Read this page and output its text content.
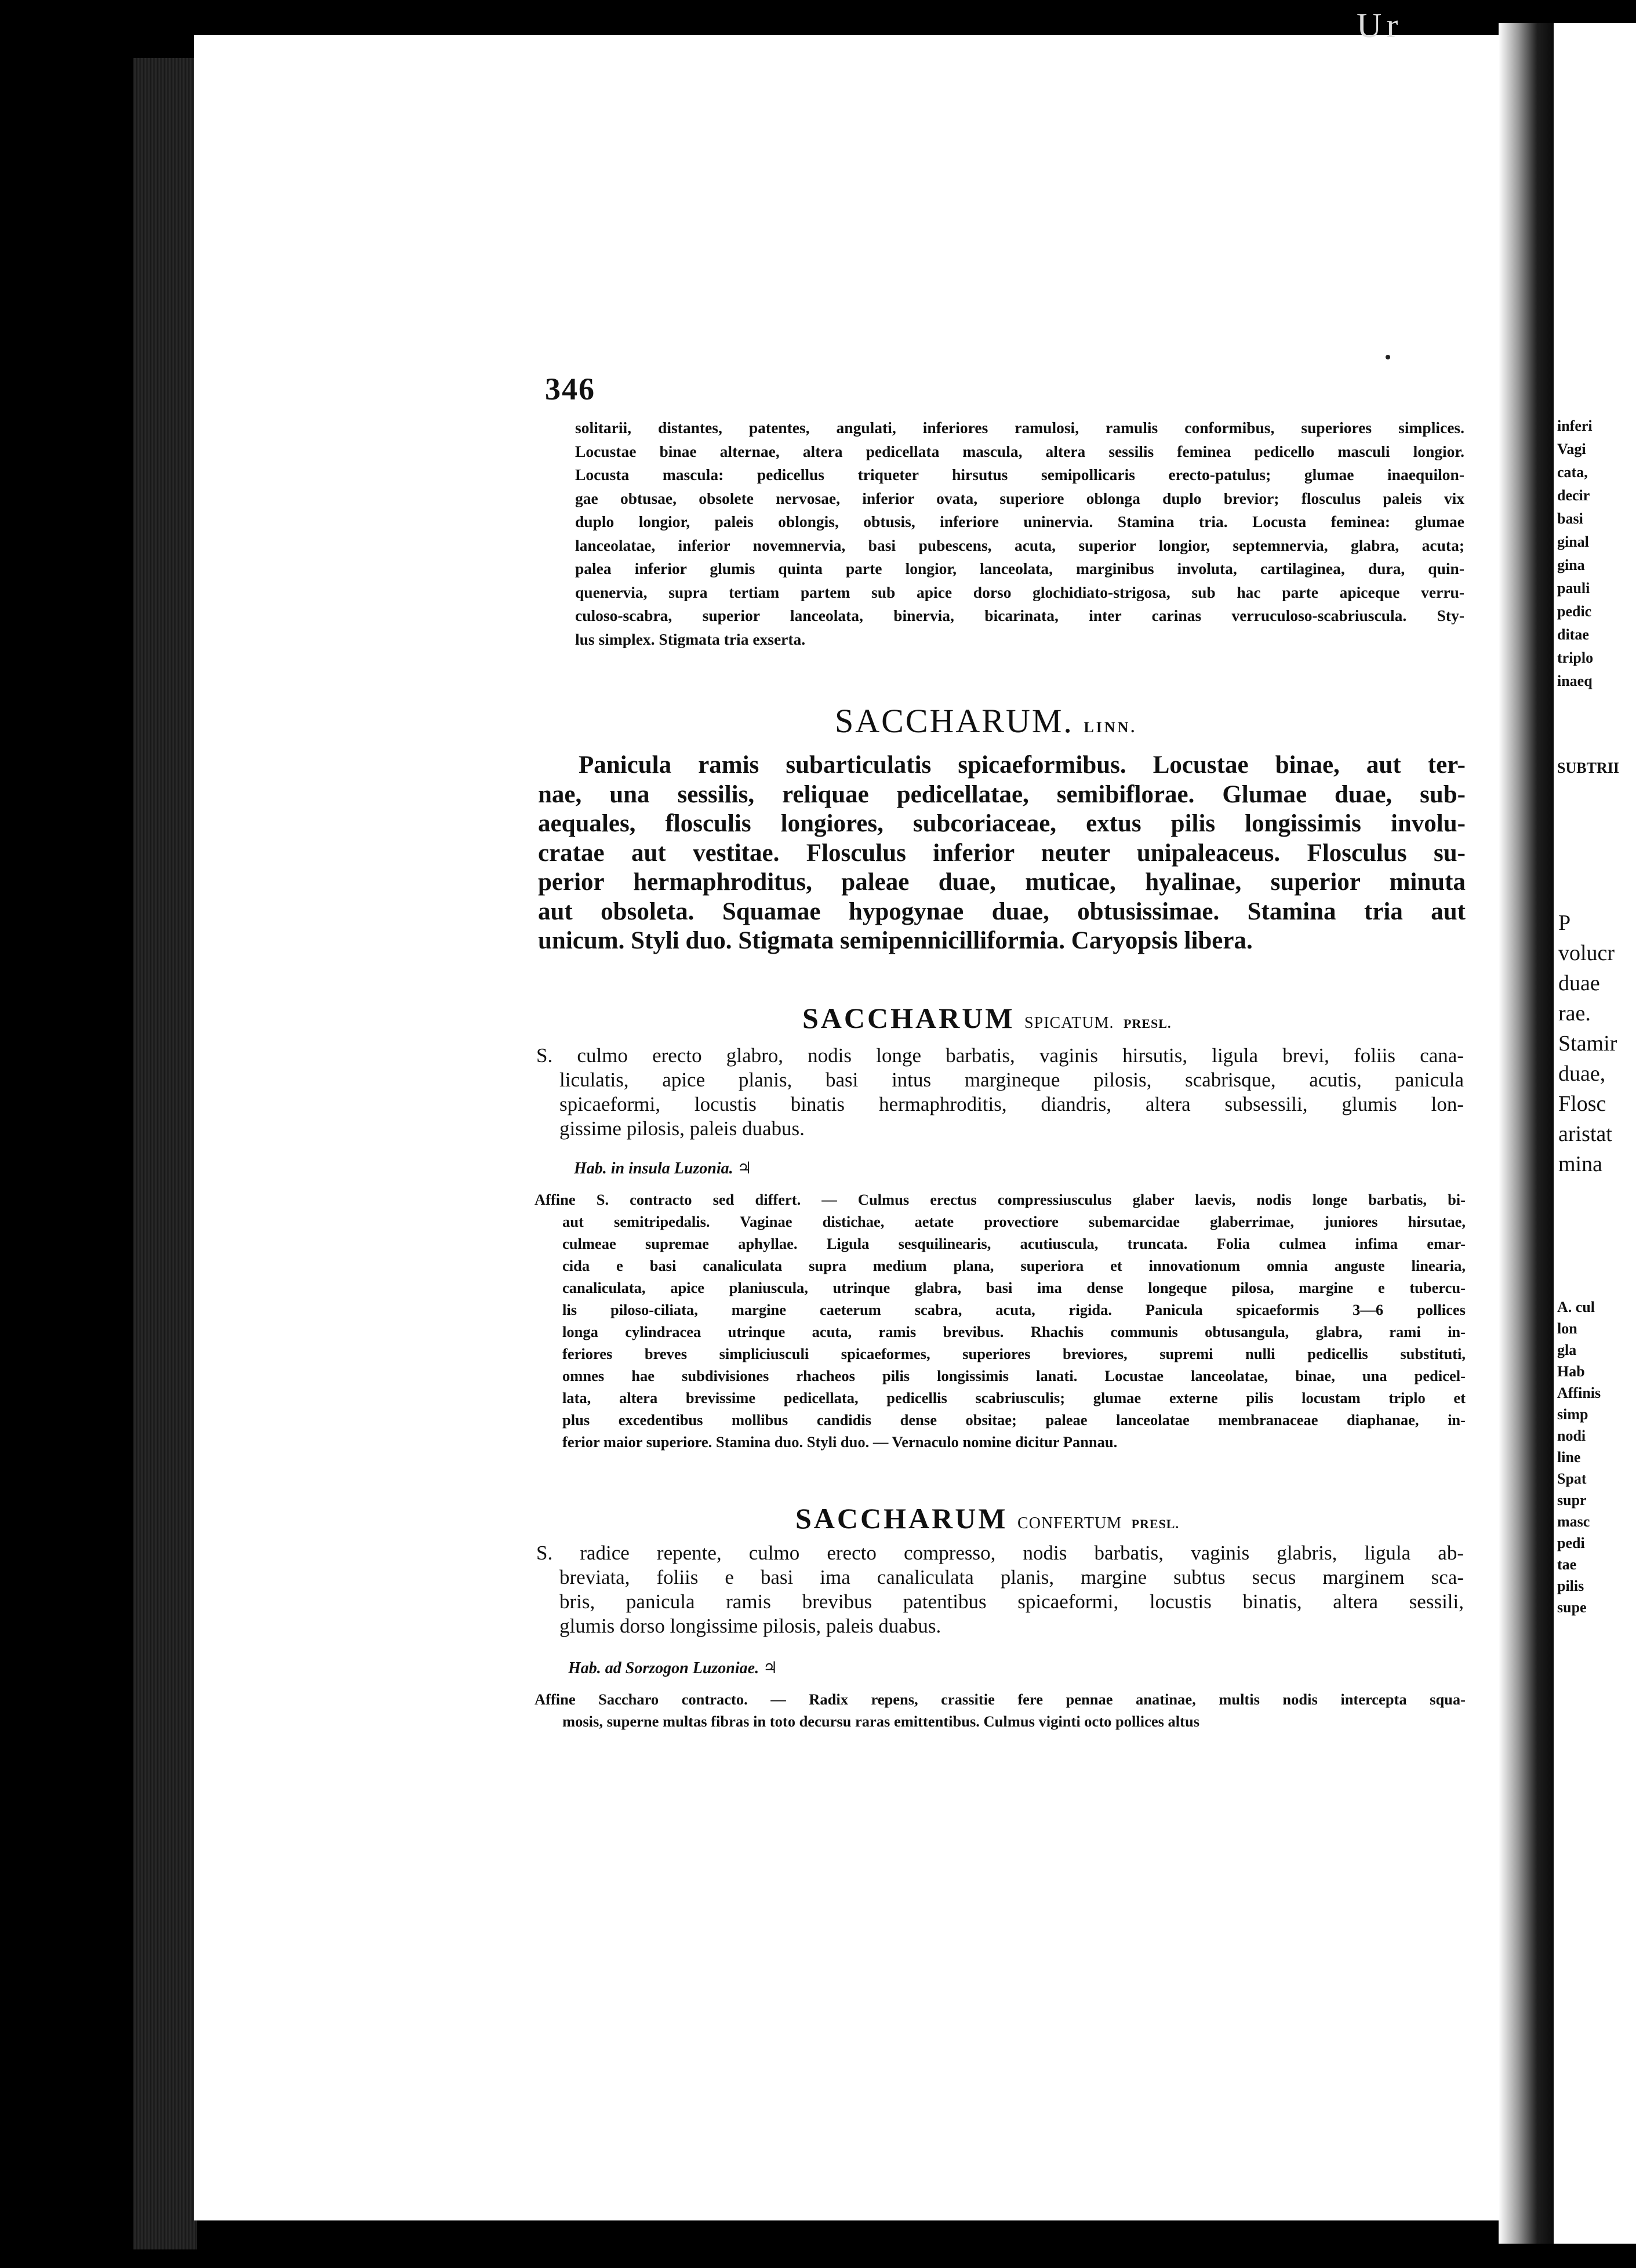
Ur
346
solitarii, distantes, patentes, angulati, inferiores ramulosi, ramulis conformibus, superiores simplices.
Locustae binae alternae, altera pedicellata mascula, altera sessilis feminea pedicello masculi longior.
Locusta mascula: pedicellus triqueter hirsutus semipollicaris erecto-patulus; glumae inaequilon-
gae obtusae, obsolete nervosae, inferior ovata, superiore oblonga duplo brevior; flosculus paleis vix
duplo longior, paleis oblongis, obtusis, inferiore uninervia. Stamina tria. Locusta feminea: glumae
lanceolatae, inferior novemnervia, basi pubescens, acuta, superior longior, septemnervia, glabra, acuta;
palea inferior glumis quinta parte longior, lanceolata, marginibus involuta, cartilaginea, dura, quin-
quenervia, supra tertiam partem sub apice dorso glochidiato-strigosa, sub hac parte apiceque verru-
culoso-scabra, superior lanceolata, binervia, bicarinata, inter carinas verruculoso-scabriuscula. Sty-
lus simplex. Stigmata tria exserta.
SACCHARUM. LINN.
Panicula ramis subarticulatis spicaeformibus. Locustae binae, aut ter-
nae, una sessilis, reliquae pedicellatae, semibiflorae. Glumae duae, sub-
aequales, flosculis longiores, subcoriaceae, extus pilis longissimis involu-
cratae aut vestitae. Flosculus inferior neuter unipaleaceus. Flosculus su-
perior hermaphroditus, paleae duae, muticae, hyalinae, superior minuta
aut obsoleta. Squamae hypogynae duae, obtusissimae. Stamina tria aut
unicum. Styli duo. Stigmata semipennicilliformia. Caryopsis libera.
SACCHARUM SPICATUM. PRESL.
S. culmo erecto glabro, nodis longe barbatis, vaginis hirsutis, ligula brevi, foliis cana-
liculatis, apice planis, basi intus margineque pilosis, scabrisque, acutis, panicula
spicaeformi, locustis binatis hermaphroditis, diandris, altera subsessili, glumis lon-
gissime pilosis, paleis duabus.
Hab. in insula Luzonia. ♃
Affine S. contracto sed differt. — Culmus erectus compressiusculus glaber laevis, nodis longe barbatis, bi-
aut semitripedalis. Vaginae distichae, aetate provectiore subemarcidae glaberrimae, juniores hirsutae,
culmeae supremae aphyllae. Ligula sesquilinearis, acutiuscula, truncata. Folia culmea infima emar-
cida e basi canaliculata supra medium plana, superiora et innovationum omnia anguste linearia,
canaliculata, apice planiuscula, utrinque glabra, basi ima dense longeque pilosa, margine e tubercu-
lis piloso-ciliata, margine caeterum scabra, acuta, rigida. Panicula spicaeformis 3—6 pollices
longa cylindracea utrinque acuta, ramis brevibus. Rhachis communis obtusangula, glabra, rami in-
feriores breves simpliciusculi spicaeformes, superiores breviores, supremi nulli pedicellis substituti,
omnes hae subdivisiones rhacheos pilis longissimis lanati. Locustae lanceolatae, binae, una pedicel-
lata, altera brevissime pedicellata, pedicellis scabriusculis; glumae externe pilis locustam triplo et
plus excedentibus mollibus candidis dense obsitae; paleae lanceolatae membranaceae diaphanae, in-
ferior maior superiore. Stamina duo. Styli duo. — Vernaculo nomine dicitur Pannau.
SACCHARUM CONFERTUM PRESL.
S. radice repente, culmo erecto compresso, nodis barbatis, vaginis glabris, ligula ab-
breviata, foliis e basi ima canaliculata planis, margine subtus secus marginem sca-
bris, panicula ramis brevibus patentibus spicaeformi, locustis binatis, altera sessili,
glumis dorso longissime pilosis, paleis duabus.
Hab. ad Sorzogon Luzoniae. ♃
Affine Saccharo contracto. — Radix repens, crassitie fere pennae anatinae, multis nodis intercepta squa-
mosis, superne multas fibras in toto decursu raras emittentibus. Culmus viginti octo pollices altus
inferi
Vagi
cata,
decir
basi
ginal
gina
pauli
pedic
ditae
triplo
inaeq
SUBTRII
P
volucr
duae
rae.
Stamir
duae,
Flosc
aristat
mina
A. cul
lon
gla
Hab
Affinis
simp
nodi
line
Spat
supr
masc
pedi
tae
pilis
supe
